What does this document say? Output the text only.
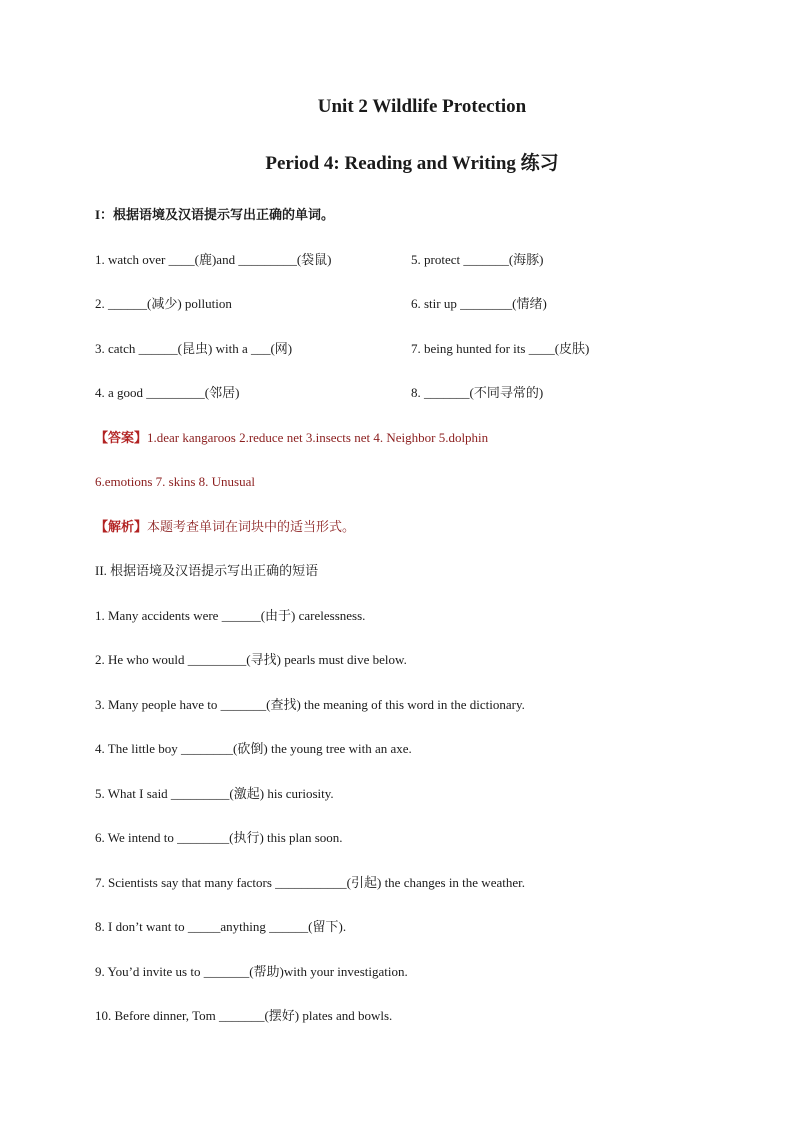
Unit 2 Wildlife Protection
Period 4: Reading and Writing 练习
I：根据语境及汉语提示写出正确的单词。
1. watch over ____(鹿)and _________(袋鼠)	5. protect _______(海豚)
2. ______(减少) pollution	6. stir up ________(情绪)
3. catch ______(昆虫) with a ___(网)	7. being hunted for its ____(皮肤)
4. a good _________(邻居)	8. _______(不同寻常的)
【答案】1.dear kangaroos 2.reduce net 3.insects net 4. Neighbor 5.dolphin
6.emotions 7. skins 8. Unusual
【解析】本题考查单词在词块中的适当形式。
II. 根据语境及汉语提示写出正确的短语
1. Many accidents were ______(由于) carelessness.
2. He who would _________(寻找) pearls must dive below.
3. Many people have to _______(查找) the meaning of this word in the dictionary.
4. The little boy ________(砍倒) the young tree with an axe.
5. What I said _________(激起) his curiosity.
6. We intend to ________(执行) this plan soon.
7. Scientists say that many factors ___________(引起) the changes in the weather.
8. I don’t want to _____anything ______(留下).
9. You’d invite us to _______(帮助)with your investigation.
10. Before dinner, Tom _______(摆好) plates and bowls.
